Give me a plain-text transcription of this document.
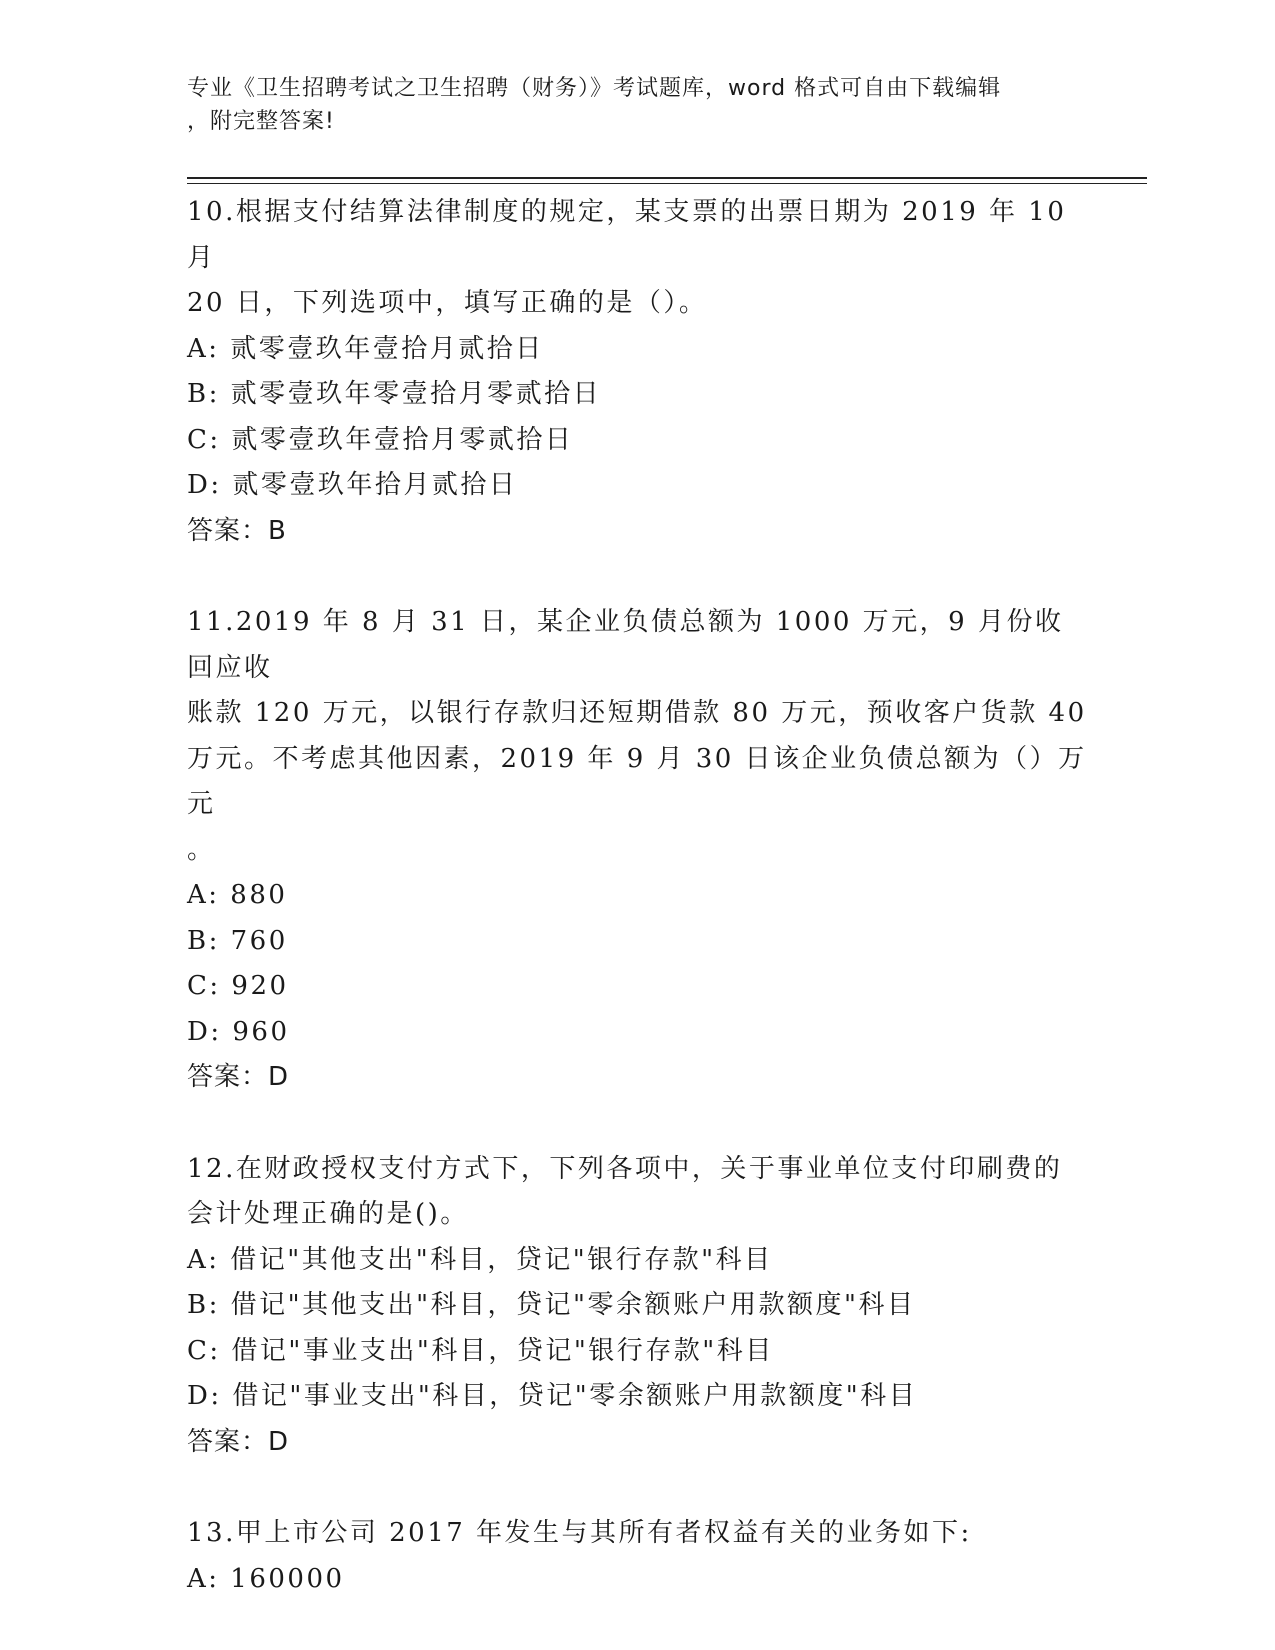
专业《卫生招聘考试之卫生招聘（财务）》考试题库，word 格式可自由下载编辑
，附完整答案!
10.根据支付结算法律制度的规定，某支票的出票日期为 2019 年 10 月
20 日，下列选项中，填写正确的是（）。
A: 贰零壹玖年壹拾月贰拾日
B: 贰零壹玖年零壹拾月零贰拾日
C: 贰零壹玖年壹拾月零贰拾日
D: 贰零壹玖年拾月贰拾日
答案：B
11.2019 年 8 月 31 日，某企业负债总额为 1000 万元，9 月份收回应收
账款 120 万元，以银行存款归还短期借款 80 万元，预收客户货款 40
万元。不考虑其他因素，2019 年 9 月 30 日该企业负债总额为（）万元
。
A: 880
B: 760
C: 920
D: 960
答案：D
12.在财政授权支付方式下，下列各项中，关于事业单位支付印刷费的
会计处理正确的是()。
A: 借记"其他支出"科目，贷记"银行存款"科目
B: 借记"其他支出"科目，贷记"零余额账户用款额度"科目
C: 借记"事业支出"科目，贷记"银行存款"科目
D: 借记"事业支出"科目，贷记"零余额账户用款额度"科目
答案：D
13.甲上市公司 2017 年发生与其所有者权益有关的业务如下:
A: 160000
